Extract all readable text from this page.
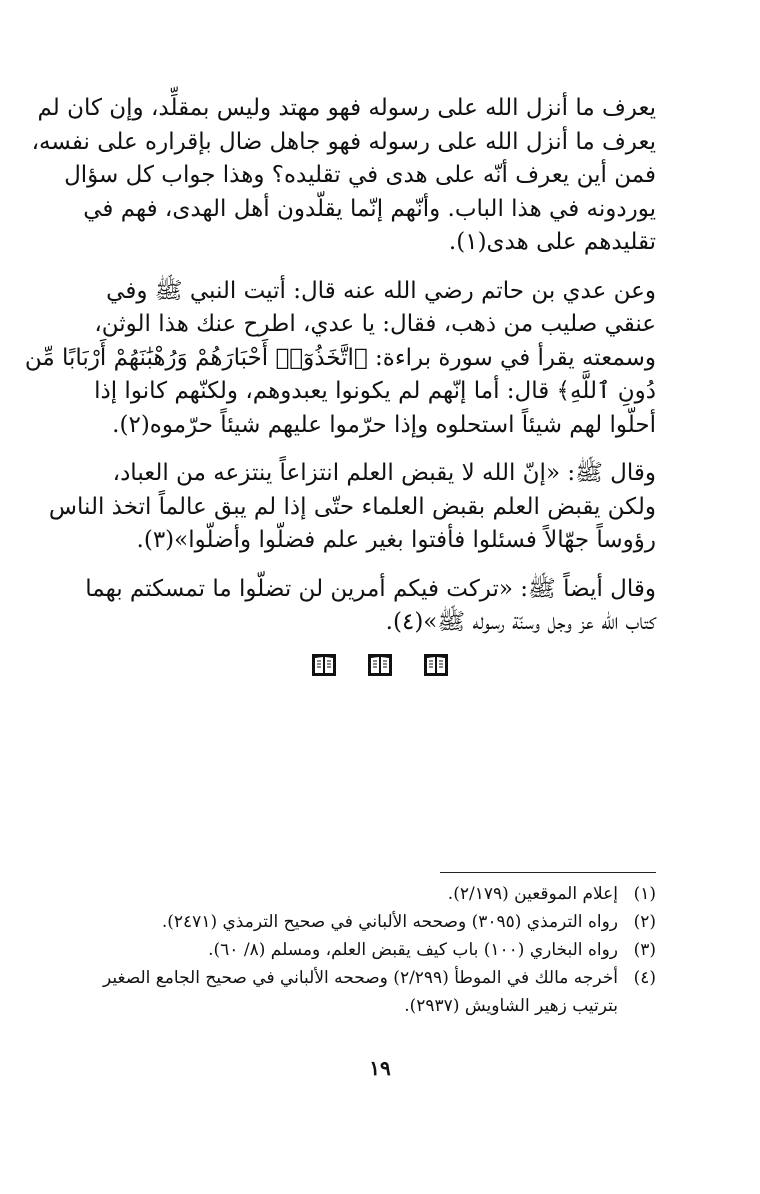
يعرف ما أنزل الله على رسوله فهو مهتد وليس بمقلِّد، وإن كان لم
يعرف ما أنزل الله على رسوله فهو جاهل ضال بإقراره على نفسه،
فمن أين يعرف أنّه على هدى في تقليده؟ وهذا جواب كل سؤال
يوردونه في هذا الباب. وأنّهم إنّما يقلّدون أهل الهدى، فهم في
تقليدهم على هدى(١).

وعن عدي بن حاتم رضي الله عنه قال: أتيت النبي ﷺ وفي
عنقي صليب من ذهب، فقال: يا عدي، اطرح عنك هذا الوثن،
وسمعته يقرأ في سورة براءة: ﴿اتَّخَذُوٓا۟ أَحْبَارَهُمْ وَرُهْبَٰنَهُمْ أَرْبَابًا مِّن
دُونِ ٱللَّهِ﴾ قال: أما إنّهم لم يكونوا يعبدوهم، ولكنّهم كانوا إذا
أحلّوا لهم شيئاً استحلوه وإذا حرّموا عليهم شيئاً حرّموه(٢).

وقال ﷺ: «إنّ الله لا يقبض العلم انتزاعاً ينتزعه من العباد،
ولكن يقبض العلم بقبض العلماء حتّى إذا لم يبق عالماً اتخذ الناس
رؤوساً جهّالاً فسئلوا فأفتوا بغير علم فضلّوا وأضلّوا»(٣).

وقال أيضاً ﷺ: «تركت فيكم أمرين لن تضلّوا ما تمسكتم بهما
كتاب الله عز وجل وسنّة رسوله ﷺ»(٤).

(١)
إعلام الموقعين (٢/١٧٩).
(٢)
رواه الترمذي (٣٠٩٥) وصححه الألباني في صحيح الترمذي (٢٤٧١).
(٣)
رواه البخاري (١٠٠) باب كيف يقبض العلم، ومسلم (٨/ ٦٠).
(٤)
أخرجه مالك في الموطأ (٢/٢٩٩) وصححه الألباني في صحيح الجامع الصغير
بترتيب زهير الشاويش (٢٩٣٧).
١٩
